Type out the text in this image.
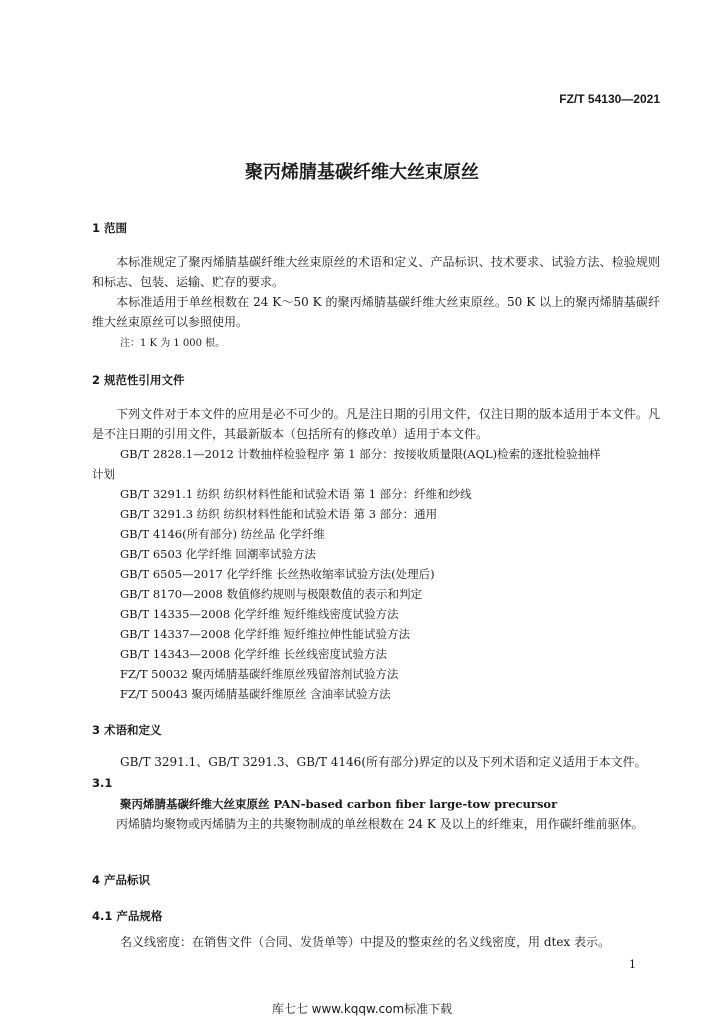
FZ/T 54130—2021
聚丙烯腈基碳纤维大丝束原丝
1 范围
本标准规定了聚丙烯腈基碳纤维大丝束原丝的术语和定义、产品标识、技术要求、试验方法、检验规则和标志、包装、运输、贮存的要求。
本标准适用于单丝根数在 24 K～50 K 的聚丙烯腈基碳纤维大丝束原丝。50 K 以上的聚丙烯腈基碳纤维大丝束原丝可以参照使用。
注：1 K 为 1 000 根。
2 规范性引用文件
下列文件对于本文件的应用是必不可少的。凡是注日期的引用文件，仅注日期的版本适用于本文件。凡是不注日期的引用文件，其最新版本（包括所有的修改单）适用于本文件。
GB/T 2828.1—2012 计数抽样检验程序 第 1 部分：按接收质量限(AQL)检索的逐批检验抽样
计划
GB/T 3291.1 纺织 纺织材料性能和试验术语 第 1 部分：纤维和纱线
GB/T 3291.3 纺织 纺织材料性能和试验术语 第 3 部分：通用
GB/T 4146(所有部分) 纺丝品 化学纤维
GB/T 6503 化学纤维 回潮率试验方法
GB/T 6505—2017 化学纤维 长丝热收缩率试验方法(处理后)
GB/T 8170—2008 数值修约规则与极限数值的表示和判定
GB/T 14335—2008 化学纤维 短纤维线密度试验方法
GB/T 14337—2008 化学纤维 短纤维拉伸性能试验方法
GB/T 14343—2008 化学纤维 长丝线密度试验方法
FZ/T 50032 聚丙烯腈基碳纤维原丝残留溶剂试验方法
FZ/T 50043 聚丙烯腈基碳纤维原丝 含油率试验方法
3 术语和定义
GB/T 3291.1、GB/T 3291.3、GB/T 4146(所有部分)界定的以及下列术语和定义适用于本文件。
3.1
聚丙烯腈基碳纤维大丝束原丝 PAN-based carbon fiber large-tow precursor
丙烯腈均聚物或丙烯腈为主的共聚物制成的单丝根数在 24 K 及以上的纤维束，用作碳纤维前驱体。
4 产品标识
4.1 产品规格
名义线密度：在销售文件（合同、发货单等）中提及的整束丝的名义线密度，用 dtex 表示。
1
库七七 www.kqqw.com标准下载
